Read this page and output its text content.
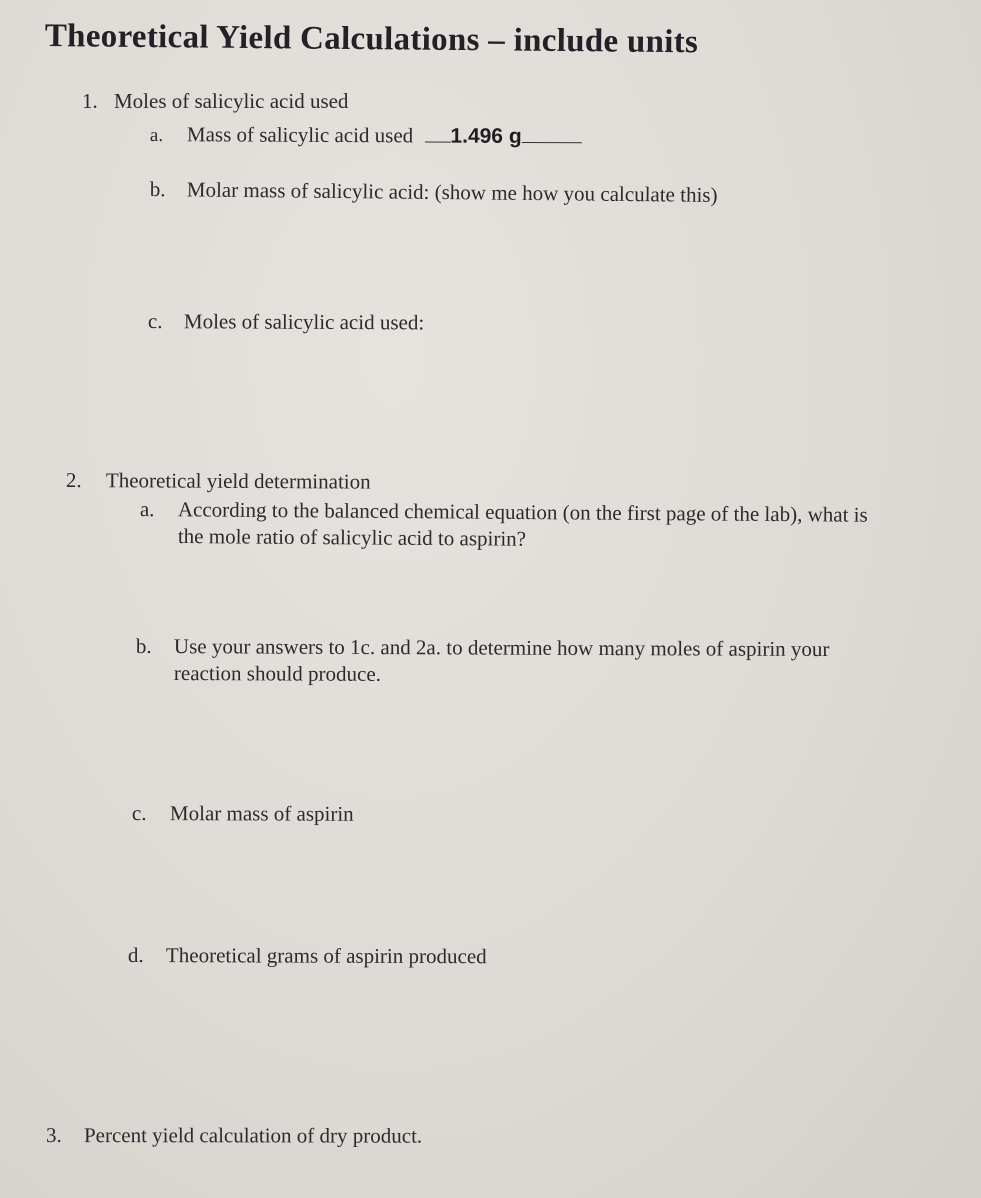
Theoretical Yield Calculations – include units
1. Moles of salicylic acid used
a. Mass of salicylic acid used 1.496 g
b. Molar mass of salicylic acid: (show me how you calculate this)
c. Moles of salicylic acid used:
2. Theoretical yield determination
a. According to the balanced chemical equation (on the first page of the lab), what is
the mole ratio of salicylic acid to aspirin?
b. Use your answers to 1c. and 2a. to determine how many moles of aspirin your
reaction should produce.
c. Molar mass of aspirin
d. Theoretical grams of aspirin produced
3. Percent yield calculation of dry product.
